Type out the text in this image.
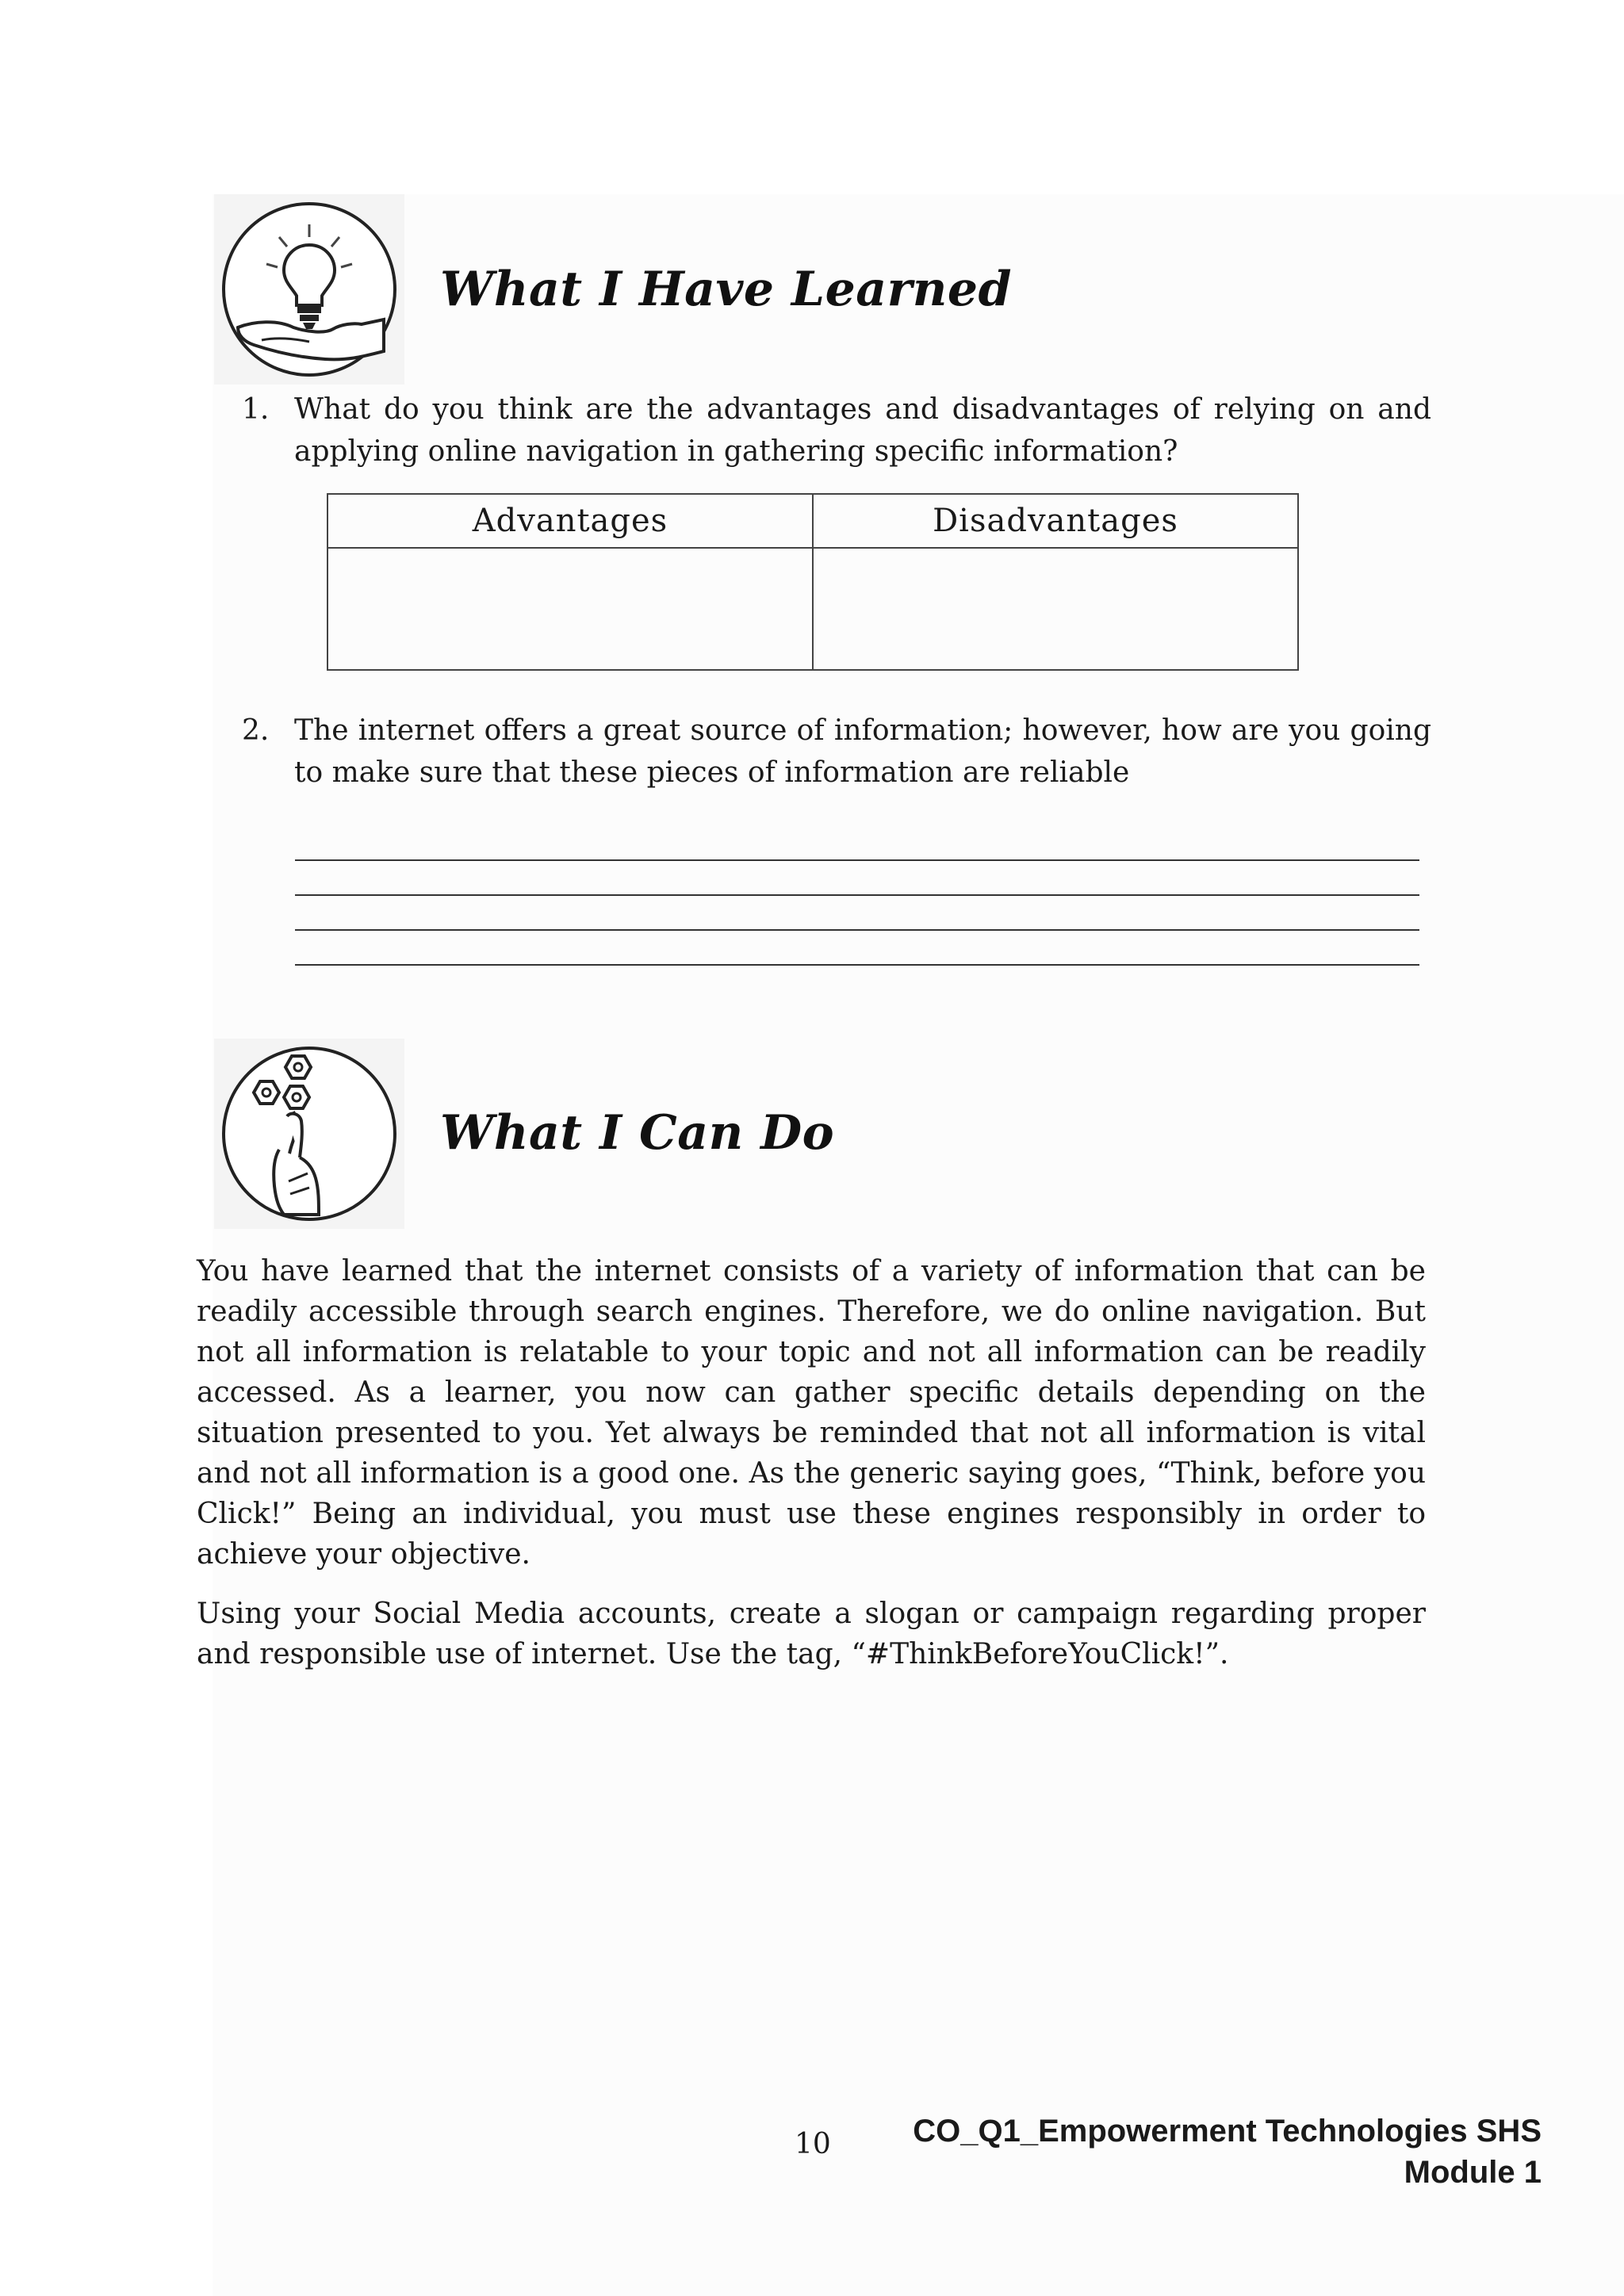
What I Have Learned
1. What do you think are the advantages and disadvantages of relying on and applying online navigation in gathering specific information?
Advantages	Disadvantages

2. The internet offers a great source of information; however, how are you going to make sure that these pieces of information are reliable
What I Can Do

You have learned that the internet consists of a variety of information that can be readily accessible through search engines. Therefore, we do online navigation. But not all information is relatable to your topic and not all information can be readily accessed. As a learner, you now can gather specific details depending on the situation presented to you. Yet always be reminded that not all information is vital and not all information is a good one. As the generic saying goes, “Think, before you Click!” Being an individual, you must use these engines responsibly in order to achieve your objective.

Using your Social Media accounts, create a slogan or campaign regarding proper and responsible use of internet. Use the tag, “#ThinkBeforeYouClick!”.

10	CO_Q1_Empowerment Technologies SHS
Module 1
